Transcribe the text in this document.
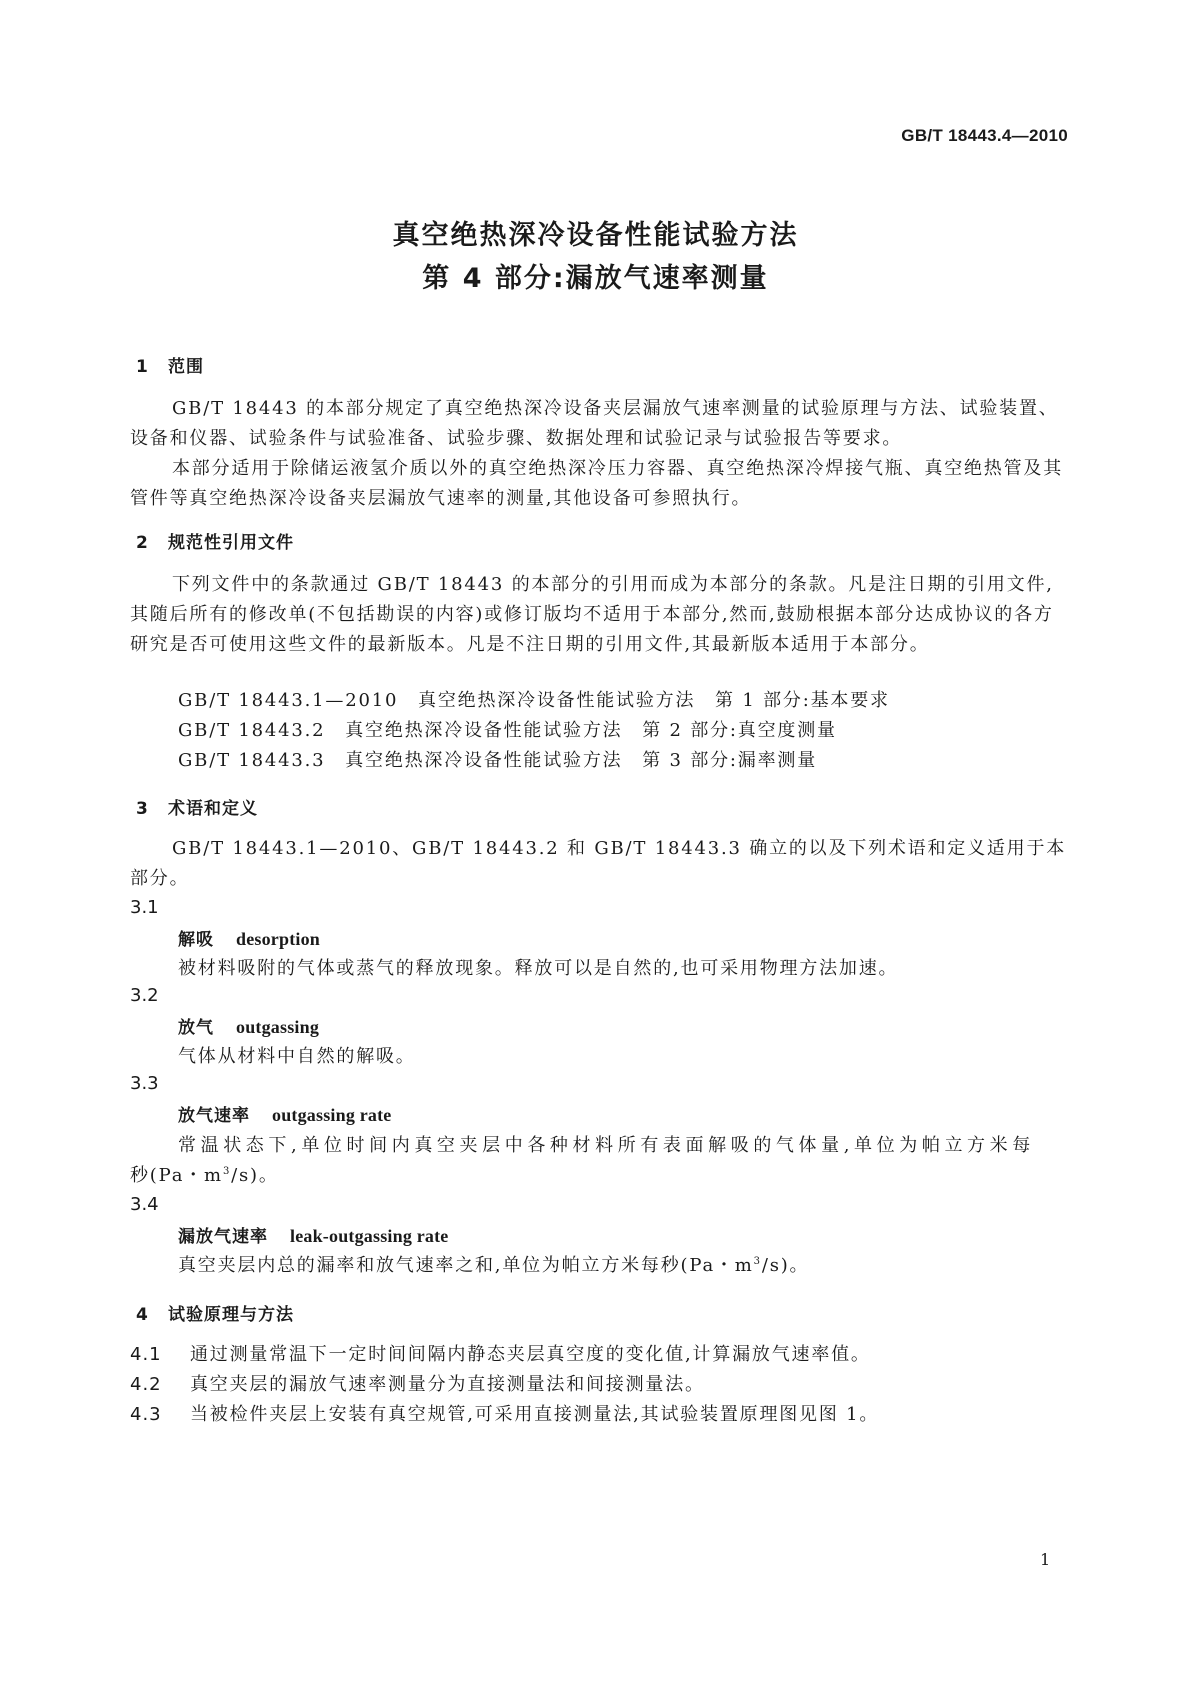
GB/T 18443.4—2010
真空绝热深冷设备性能试验方法
第 4 部分:漏放气速率测量
1 范围
GB/T 18443 的本部分规定了真空绝热深冷设备夹层漏放气速率测量的试验原理与方法、试验装置、设备和仪器、试验条件与试验准备、试验步骤、数据处理和试验记录与试验报告等要求。
本部分适用于除储运液氢介质以外的真空绝热深冷压力容器、真空绝热深冷焊接气瓶、真空绝热管及其管件等真空绝热深冷设备夹层漏放气速率的测量,其他设备可参照执行。
2 规范性引用文件
下列文件中的条款通过 GB/T 18443 的本部分的引用而成为本部分的条款。凡是注日期的引用文件,其随后所有的修改单(不包括勘误的内容)或修订版均不适用于本部分,然而,鼓励根据本部分达成协议的各方研究是否可使用这些文件的最新版本。凡是不注日期的引用文件,其最新版本适用于本部分。
GB/T 18443.1—2010　真空绝热深冷设备性能试验方法　第 1 部分:基本要求
GB/T 18443.2　真空绝热深冷设备性能试验方法　第 2 部分:真空度测量
GB/T 18443.3　真空绝热深冷设备性能试验方法　第 3 部分:漏率测量
3 术语和定义
GB/T 18443.1—2010、GB/T 18443.2 和 GB/T 18443.3 确立的以及下列术语和定义适用于本部分。
3.1
解吸 desorption
被材料吸附的气体或蒸气的释放现象。释放可以是自然的,也可采用物理方法加速。
3.2
放气 outgassing
气体从材料中自然的解吸。
3.3
放气速率 outgassing rate
常温状态下,单位时间内真空夹层中各种材料所有表面解吸的气体量,单位为帕立方米每
秒(Pa・$m^3/s$)。
3.4
漏放气速率 leak-outgassing rate
真空夹层内总的漏率和放气速率之和,单位为帕立方米每秒(Pa・$m^3/s$)。
4 试验原理与方法
4.1 通过测量常温下一定时间间隔内静态夹层真空度的变化值,计算漏放气速率值。
4.2 真空夹层的漏放气速率测量分为直接测量法和间接测量法。
4.3 当被检件夹层上安装有真空规管,可采用直接测量法,其试验装置原理图见图 1。
1
